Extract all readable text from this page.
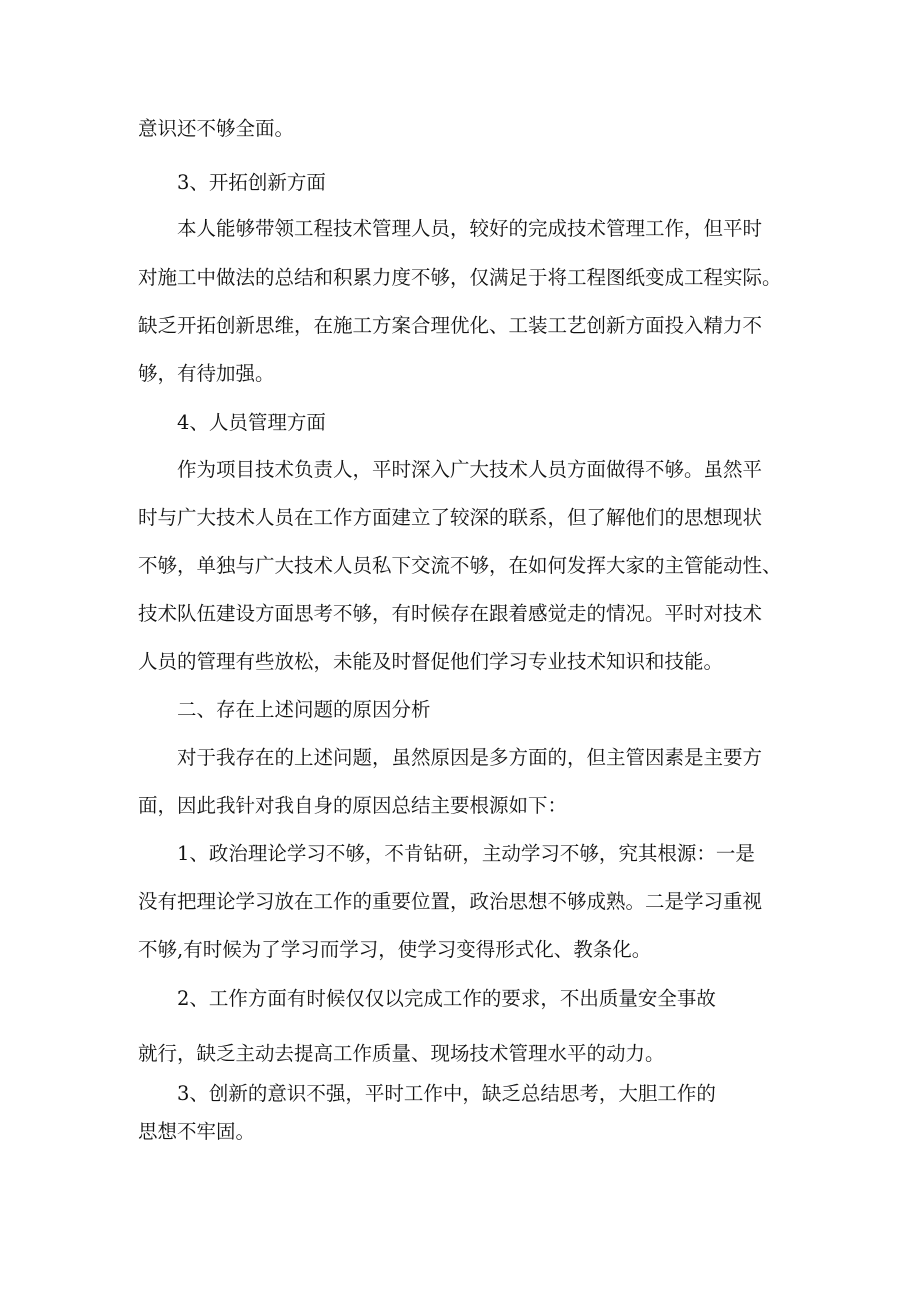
意识还不够全面。
3、开拓创新方面
本人能够带领工程技术管理人员，较好的完成技术管理工作，但平时
对施工中做法的总结和积累力度不够，仅满足于将工程图纸变成工程实际。
缺乏开拓创新思维，在施工方案合理优化、工装工艺创新方面投入精力不
够，有待加强。
4、人员管理方面
作为项目技术负责人，平时深入广大技术人员方面做得不够。虽然平
时与广大技术人员在工作方面建立了较深的联系，但了解他们的思想现状
不够，单独与广大技术人员私下交流不够，在如何发挥大家的主管能动性、
技术队伍建设方面思考不够，有时候存在跟着感觉走的情况。平时对技术
人员的管理有些放松，未能及时督促他们学习专业技术知识和技能。
二、存在上述问题的原因分析
对于我存在的上述问题，虽然原因是多方面的，但主管因素是主要方
面，因此我针对我自身的原因总结主要根源如下：
1、政治理论学习不够，不肯钻研，主动学习不够，究其根源：一是
没有把理论学习放在工作的重要位置，政治思想不够成熟。二是学习重视
不够,有时候为了学习而学习，使学习变得形式化、教条化。
2、工作方面有时候仅仅以完成工作的要求，不出质量安全事故
就行，缺乏主动去提高工作质量、现场技术管理水平的动力。
3、创新的意识不强，平时工作中，缺乏总结思考，大胆工作的
思想不牢固。
